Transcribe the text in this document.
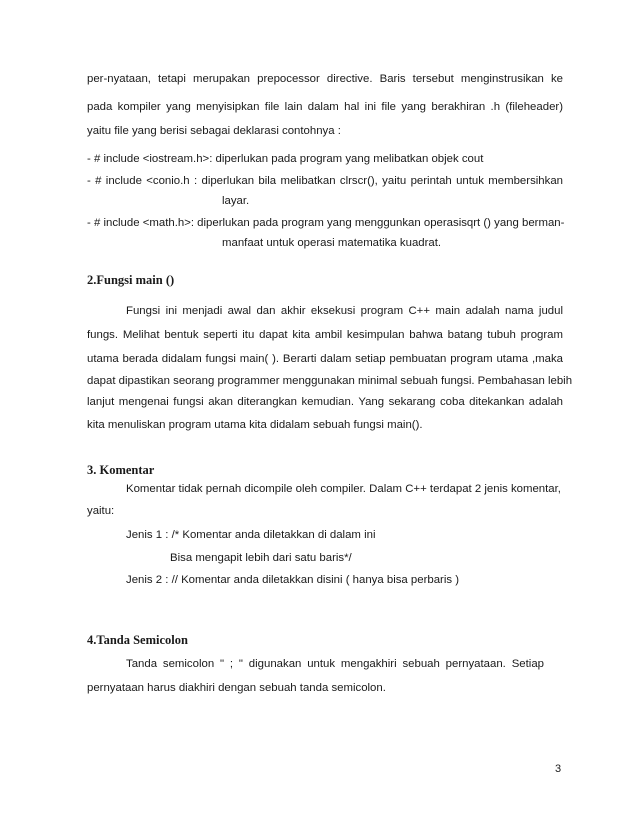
per-nyataan, tetapi merupakan prepocessor directive. Baris tersebut menginstrusikan ke
pada kompiler yang menyisipkan file lain dalam hal ini file yang berakhiran .h (fileheader)
yaitu file yang berisi sebagai deklarasi contohnya :
- # include <iostream.h>: diperlukan pada program yang melibatkan objek cout
- # include <conio.h : diperlukan bila melibatkan clrscr(), yaitu perintah untuk membersihkan
layar.
- # include <math.h>: diperlukan pada program yang menggunkan operasisqrt () yang berman-
manfaat untuk operasi matematika kuadrat.
2.Fungsi main ()
Fungsi ini menjadi awal dan akhir eksekusi program C++ main adalah nama judul
fungs. Melihat bentuk seperti itu dapat kita ambil kesimpulan bahwa batang tubuh program
utama berada didalam fungsi main( ). Berarti dalam setiap pembuatan program utama ,maka
dapat dipastikan seorang programmer menggunakan minimal sebuah fungsi. Pembahasan lebih
lanjut mengenai fungsi akan diterangkan kemudian. Yang sekarang coba ditekankan adalah
kita menuliskan program utama kita didalam sebuah fungsi main().
3. Komentar
Komentar tidak pernah dicompile oleh compiler. Dalam C++ terdapat 2 jenis komentar,
yaitu:
Jenis 1 : /* Komentar anda diletakkan di dalam ini
Bisa mengapit lebih dari satu baris*/
Jenis 2 : // Komentar anda diletakkan disini ( hanya bisa perbaris )
4.Tanda Semicolon
Tanda semicolon " ; " digunakan untuk mengakhiri sebuah pernyataan. Setiap
pernyataan harus diakhiri dengan sebuah tanda semicolon.
3
